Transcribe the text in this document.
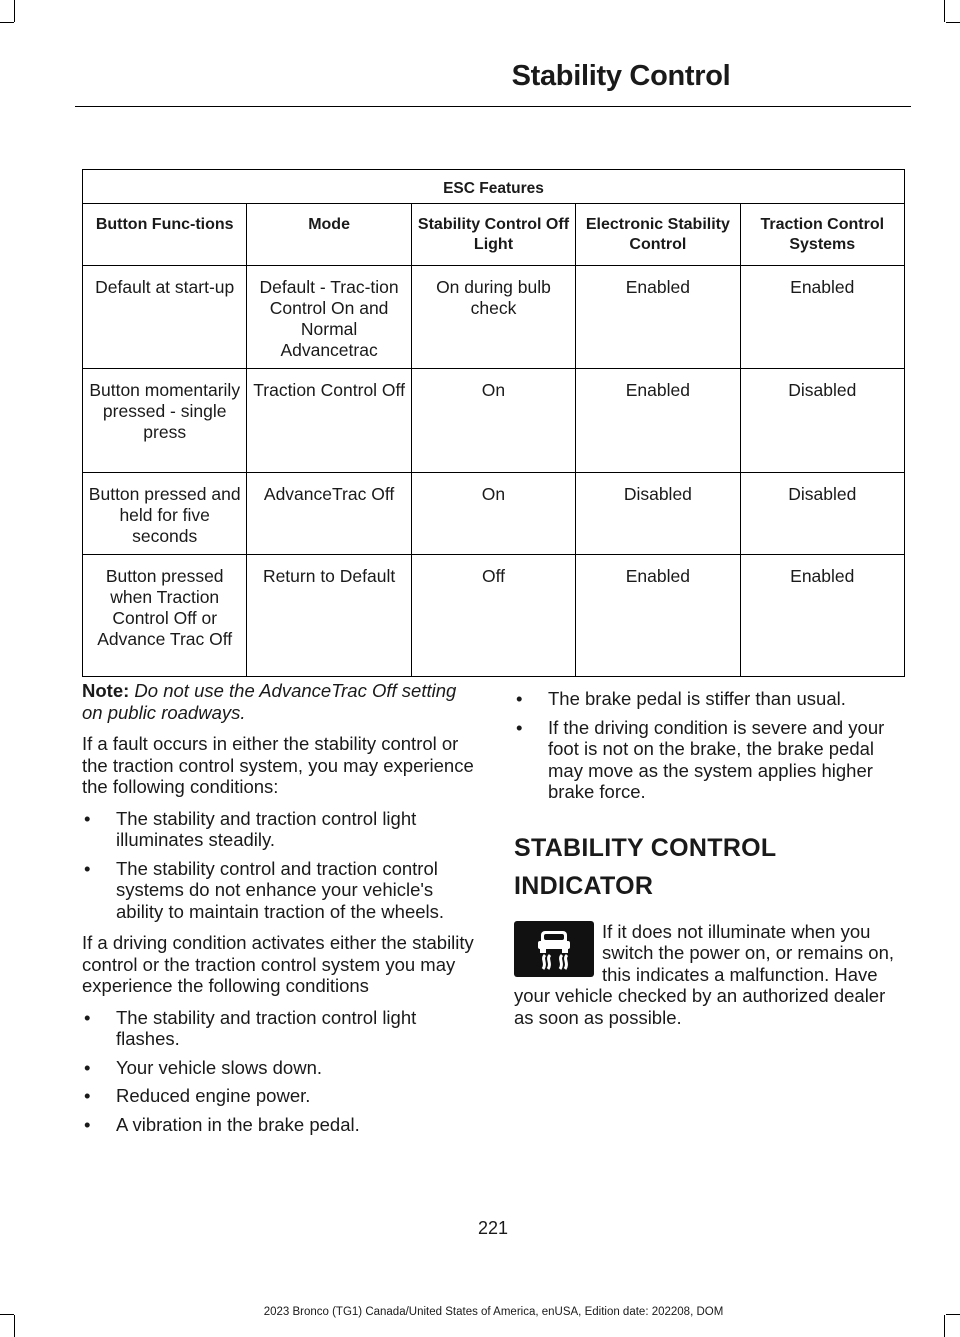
Stability Control
ESC Features				
Button Func-tions	Mode	Stability Control Off Light	Electronic Stability Control	Traction Control Systems
Default at start-up	Default - Trac-tion Control On and Normal Advancetrac	On during bulb check	Enabled	Enabled
Button momentarily pressed - single press	Traction Control Off	On	Enabled	Disabled
Button pressed and held for five seconds	AdvanceTrac Off	On	Disabled	Disabled
Button pressed when Traction Control Off or Advance Trac Off	Return to Default	Off	Enabled	Enabled

Note: Do not use the AdvanceTrac Off setting on public roadways.

If a fault occurs in either the stability control or the traction control system, you may experience the following conditions:

• The stability and traction control light illuminates steadily.
• The stability control and traction control systems do not enhance your vehicle's ability to maintain traction of the wheels.

If a driving condition activates either the stability control or the traction control system you may experience the following conditions

• The stability and traction control light flashes.
• Your vehicle slows down.
• Reduced engine power.
• A vibration in the brake pedal.
• The brake pedal is stiffer than usual.
• If the driving condition is severe and your foot is not on the brake, the brake pedal may move as the system applies higher brake force.
STABILITY CONTROL
INDICATOR
If it does not illuminate when you switch the power on, or remains on, this indicates a malfunction. Have your vehicle checked by an authorized dealer as soon as possible.
221
2023 Bronco (TG1) Canada/United States of America, enUSA, Edition date: 202208, DOM
